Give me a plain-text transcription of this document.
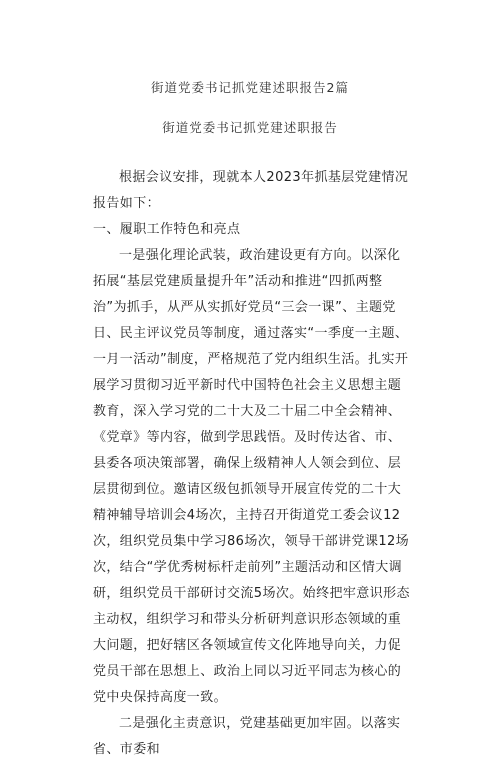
街道党委书记抓党建述职报告2篇
街道党委书记抓党建述职报告

根据会议安排，现就本人2023年抓基层党建情况报告如下：

一、履职工作特色和亮点

一是强化理论武装，政治建设更有方向。以深化拓展“基层党建质量提升年”活动和推进“四抓两整治”为抓手，从严从实抓好党员“三会一课”、主题党日、民主评议党员等制度，通过落实“一季度一主题、一月一活动”制度，严格规范了党内组织生活。扎实开展学习贯彻习近平新时代中国特色社会主义思想主题教育，深入学习党的二十大及二十届二中全会精神、《党章》等内容，做到学思践悟。及时传达省、市、县委各项决策部署，确保上级精神人人领会到位、层层贯彻到位。邀请区级包抓领导开展宣传党的二十大精神辅导培训会4场次，主持召开街道党工委会议12次，组织党员集中学习86场次，领导干部讲党课12场次，结合“学优秀树标杆走前列”主题活动和区情大调研，组织党员干部研讨交流5场次。始终把牢意识形态主动权，组织学习和带头分析研判意识形态领域的重大问题，把好辖区各领域宣传文化阵地导向关，力促党员干部在思想上、政治上同以习近平同志为核心的党中央保持高度一致。

二是强化主责意识，党建基础更加牢固。以落实省、市委和
